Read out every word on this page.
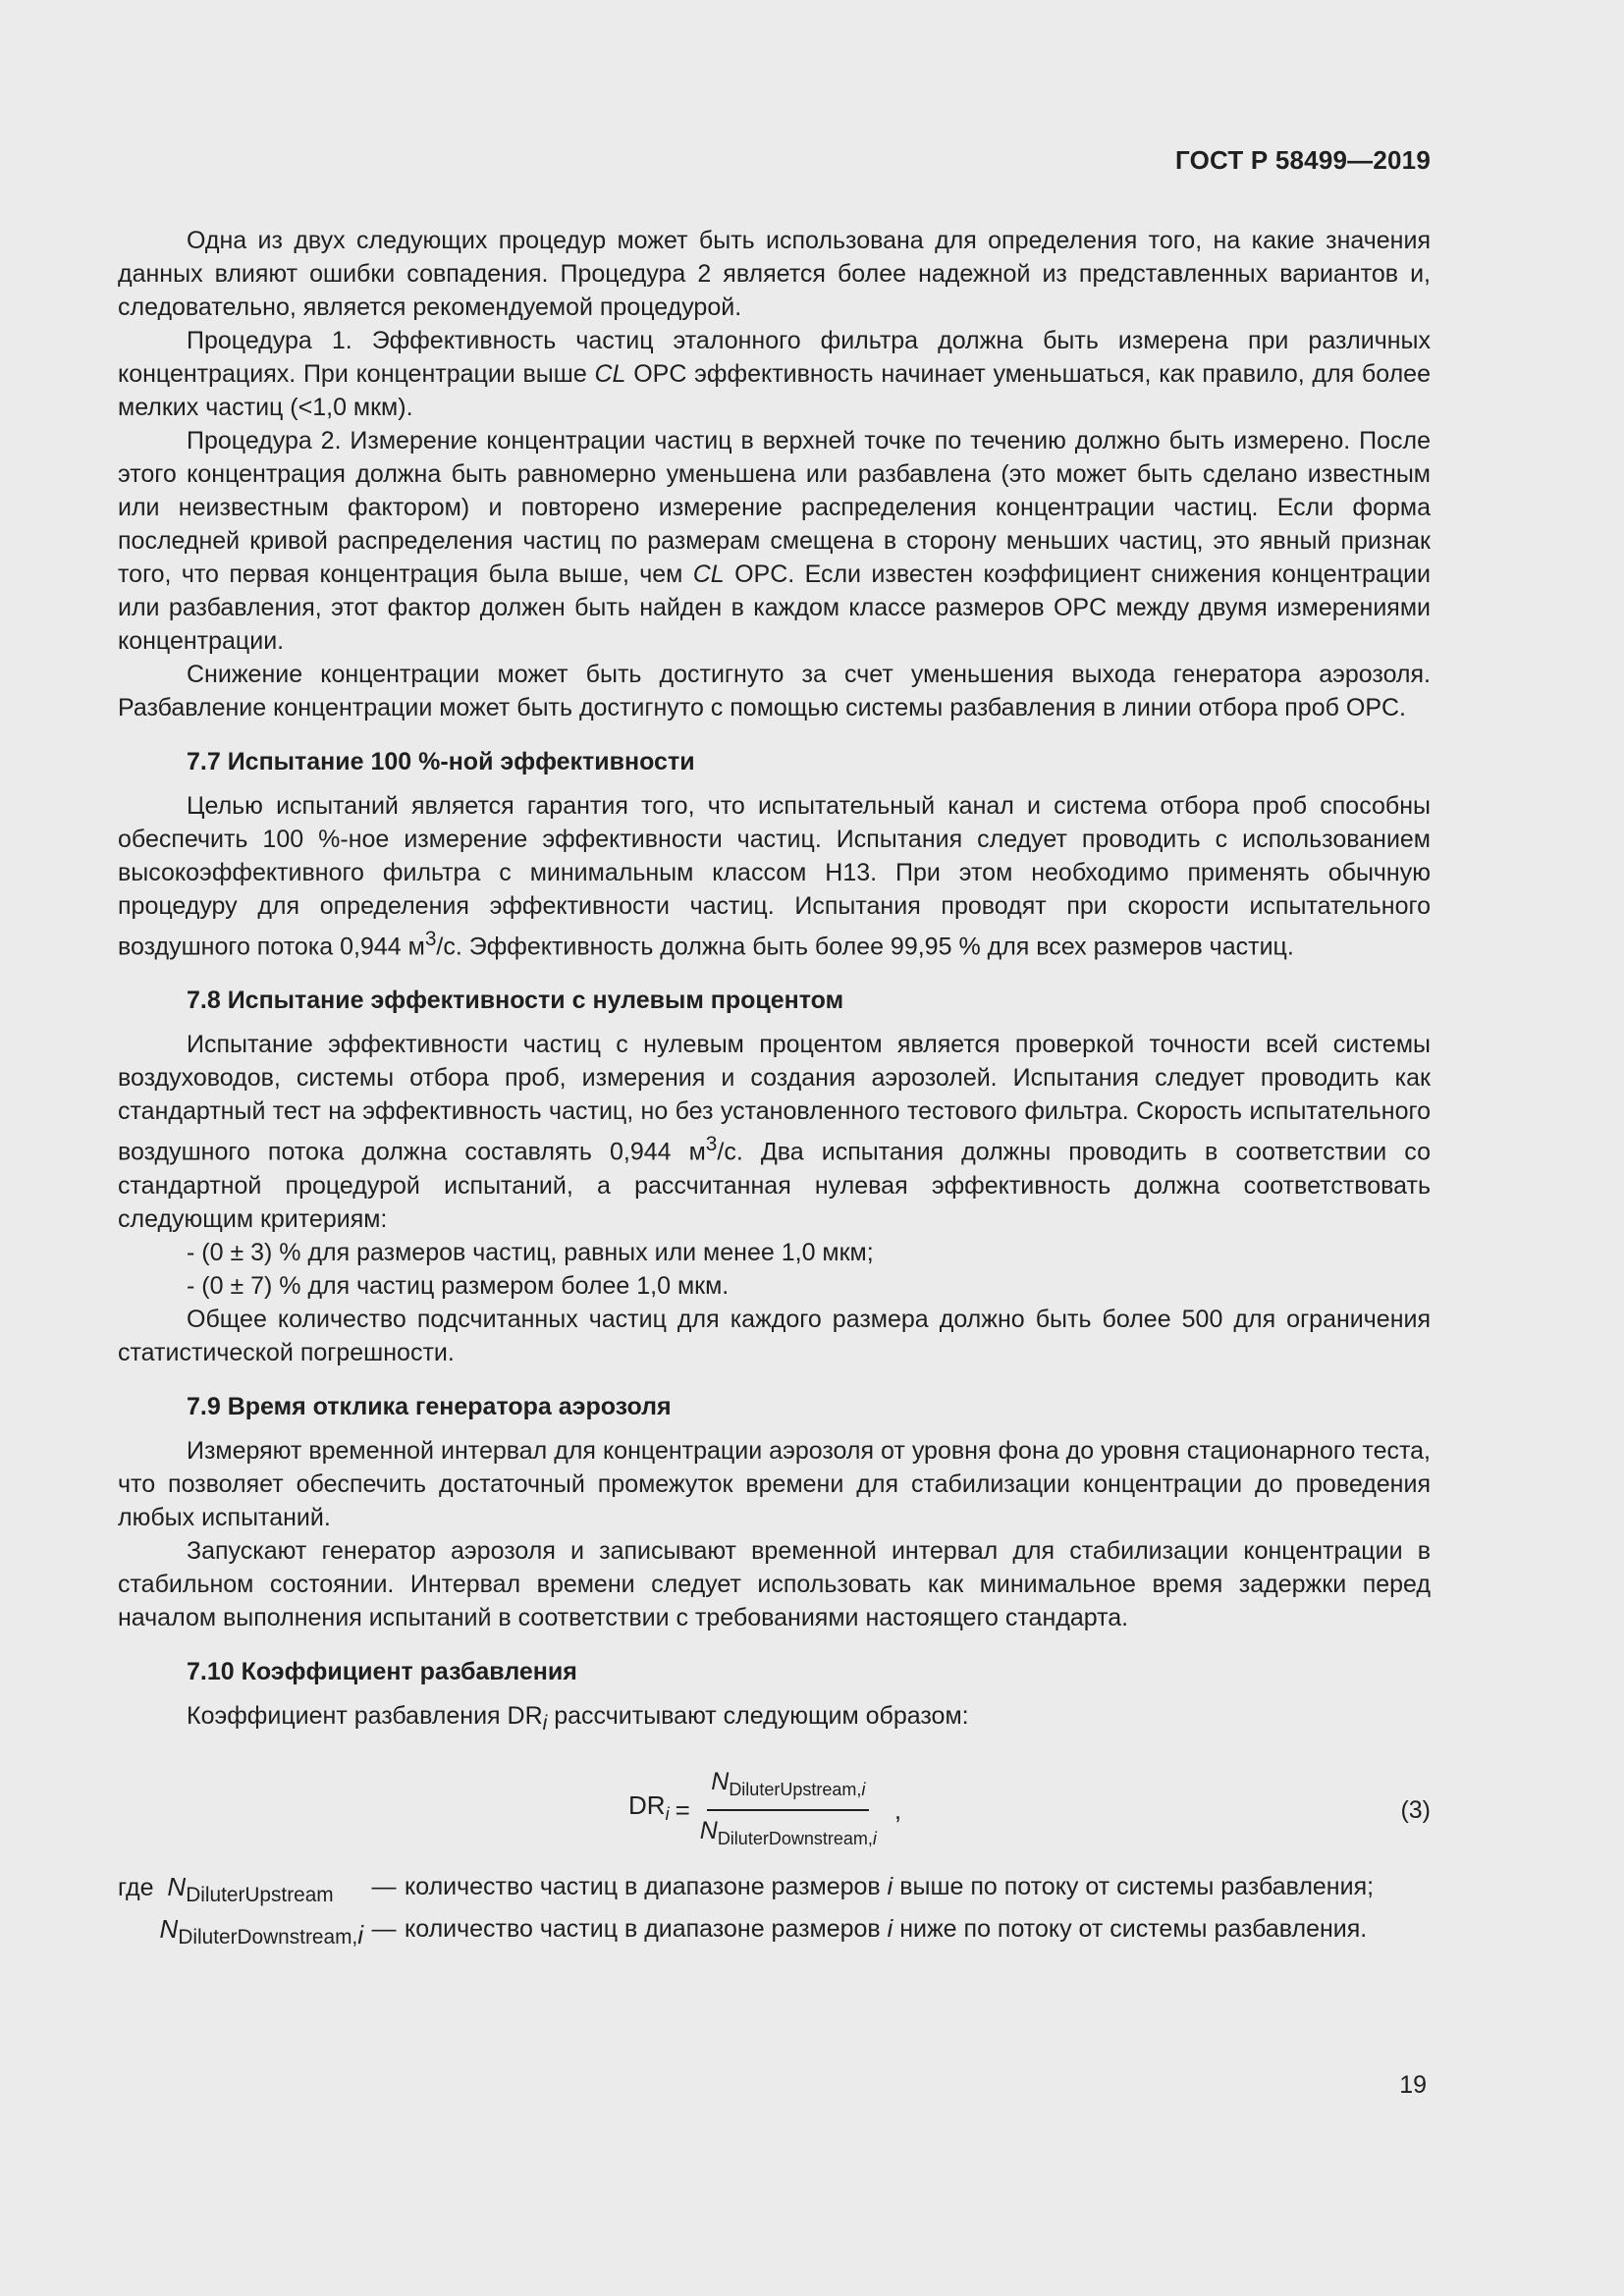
ГОСТ Р 58499—2019

Одна из двух следующих процедур может быть использована для определения того, на какие значения данных влияют ошибки совпадения. Процедура 2 является более надежной из представленных вариантов и, следовательно, является рекомендуемой процедурой.

Процедура 1. Эффективность частиц эталонного фильтра должна быть измерена при различных концентрациях. При концентрации выше CL OPC эффективность начинает уменьшаться, как правило, для более мелких частиц (<1,0 мкм).

Процедура 2. Измерение концентрации частиц в верхней точке по течению должно быть измерено. После этого концентрация должна быть равномерно уменьшена или разбавлена (это может быть сделано известным или неизвестным фактором) и повторено измерение распределения концентрации частиц. Если форма последней кривой распределения частиц по размерам смещена в сторону меньших частиц, это явный признак того, что первая концентрация была выше, чем CL OPC. Если известен коэффициент снижения концентрации или разбавления, этот фактор должен быть найден в каждом классе размеров OPC между двумя измерениями концентрации.

Снижение концентрации может быть достигнуто за счет уменьшения выхода генератора аэрозоля. Разбавление концентрации может быть достигнуто с помощью системы разбавления в линии отбора проб OPC.

7.7 Испытание 100 %-ной эффективности

Целью испытаний является гарантия того, что испытательный канал и система отбора проб способны обеспечить 100 %-ное измерение эффективности частиц. Испытания следует проводить с использованием высокоэффективного фильтра с минимальным классом H13. При этом необходимо применять обычную процедуру для определения эффективности частиц. Испытания проводят при скорости испытательного воздушного потока 0,944 $м^3/с$. Эффективность должна быть более 99,95 % для всех размеров частиц.

7.8 Испытание эффективности с нулевым процентом

Испытание эффективности частиц с нулевым процентом является проверкой точности всей системы воздуховодов, системы отбора проб, измерения и создания аэрозолей. Испытания следует проводить как стандартный тест на эффективность частиц, но без установленного тестового фильтра. Скорость испытательного воздушного потока должна составлять 0,944 $м^3/с$. Два испытания должны проводить в соответствии со стандартной процедурой испытаний, а рассчитанная нулевая эффективность должна соответствовать следующим критериям:

- (0 ± 3) % для размеров частиц, равных или менее 1,0 мкм;
- (0 ± 7) % для частиц размером более 1,0 мкм.

Общее количество подсчитанных частиц для каждого размера должно быть более 500 для ограничения статистической погрешности.

7.9 Время отклика генератора аэрозоля

Измеряют временной интервал для концентрации аэрозоля от уровня фона до уровня стационарного теста, что позволяет обеспечить достаточный промежуток времени для стабилизации концентрации до проведения любых испытаний.

Запускают генератор аэрозоля и записывают временной интервал для стабилизации концентрации в стабильном состоянии. Интервал времени следует использовать как минимальное время задержки перед началом выполнения испытаний в соответствии с требованиями настоящего стандарта.

7.10 Коэффициент разбавления

Коэффициент разбавления $DR_i$ рассчитывают следующим образом:

$DR_i = \frac{N_{DiluterUpstream,i}}{N_{DiluterDownstream,i}}$ ,	(3)
где $N_{DiluterUpstream}$	— количество частиц в диапазоне размеров i выше по потоку от системы разбавления;
$N_{DiluterDownstream,i}$ — количество частиц в диапазоне размеров i ниже по потоку от системы разбавления.
19
